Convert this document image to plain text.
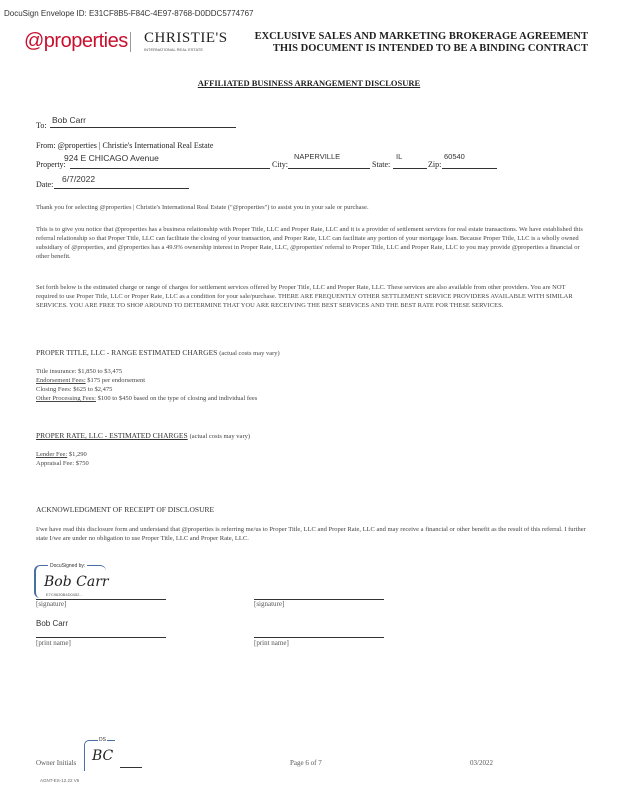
DocuSign Envelope ID: E31CF8B5-F84C-4E97-8768-D0DDC5774767
@properties CHRISTIE'S
INTERNATIONAL REAL ESTATE
EXCLUSIVE SALES AND MARKETING BROKERAGE AGREEMENT
THIS DOCUMENT IS INTENDED TO BE A BINDING CONTRACT
AFFILIATED BUSINESS ARRANGEMENT DISCLOSURE
To:
Bob Carr
From: @properties | Christie's International Real Estate
Property:
924 E CHICAGO Avenue
City:
NAPERVILLE
State:
IL
Zip:
60540
Date:
6/7/2022
Thank you for selecting @properties | Christie's International Real Estate ("@properties") to assist you in your sale or purchase.
This is to give you notice that @properties has a business relationship with Proper Title, LLC and Proper Rate, LLC and it is a provider of settlement services for real estate transactions. We have established this referral relationship so that Proper Title, LLC can facilitate the closing of your transaction, and Proper Rate, LLC can facilitate any portion of your mortgage loan. Because Proper Title, LLC is a wholly owned subsidiary of @properties, and @properties has a 49.9% ownership interest in Proper Rate, LLC, @properties' referral to Proper Title, LLC and Proper Rate, LLC to you may provide @properties a financial or other benefit.
Set forth below is the estimated charge or range of charges for settlement services offered by Proper Title, LLC and Proper Rate, LLC. These services are also available from other providers. You are NOT required to use Proper Title, LLC or Proper Rate, LLC as a condition for your sale/purchase. THERE ARE FREQUENTLY OTHER SETTLEMENT SERVICE PROVIDERS AVAILABLE WITH SIMILAR SERVICES. YOU ARE FREE TO SHOP AROUND TO DETERMINE THAT YOU ARE RECEIVING THE BEST SERVICES AND THE BEST RATE FOR THESE SERVICES.
PROPER TITLE, LLC - RANGE ESTIMATED CHARGES (actual costs may vary)
Title insurance: $1,850 to $3,475
Endorsement Fees: $175 per endorsement
Closing Fees: $625 to $2,475
Other Processing Fees: $100 to $450 based on the type of closing and individual fees
PROPER RATE, LLC - ESTIMATED CHARGES (actual costs may vary)
Lender Fee: $1,290
Appraisal Fee: $750
ACKNOWLEDGMENT OF RECEIPT OF DISCLOSURE
I/we have read this disclosure form and understand that @properties is referring me/us to Proper Title, LLC and Proper Rate, LLC and may receive a financial or other benefit as the result of this referral. I further state I/we are under no obligation to use Proper Title, LLC and Proper Rate, LLC.
DocuSigned by:
Bob Carr
E7C9630B4D0452...
[signature]	[signature]
Bob Carr
[print name]	[print name]
Owner Initials
DS
BC	Page 6 of 7	03/2022
AGNT-ES-12.22 V6
